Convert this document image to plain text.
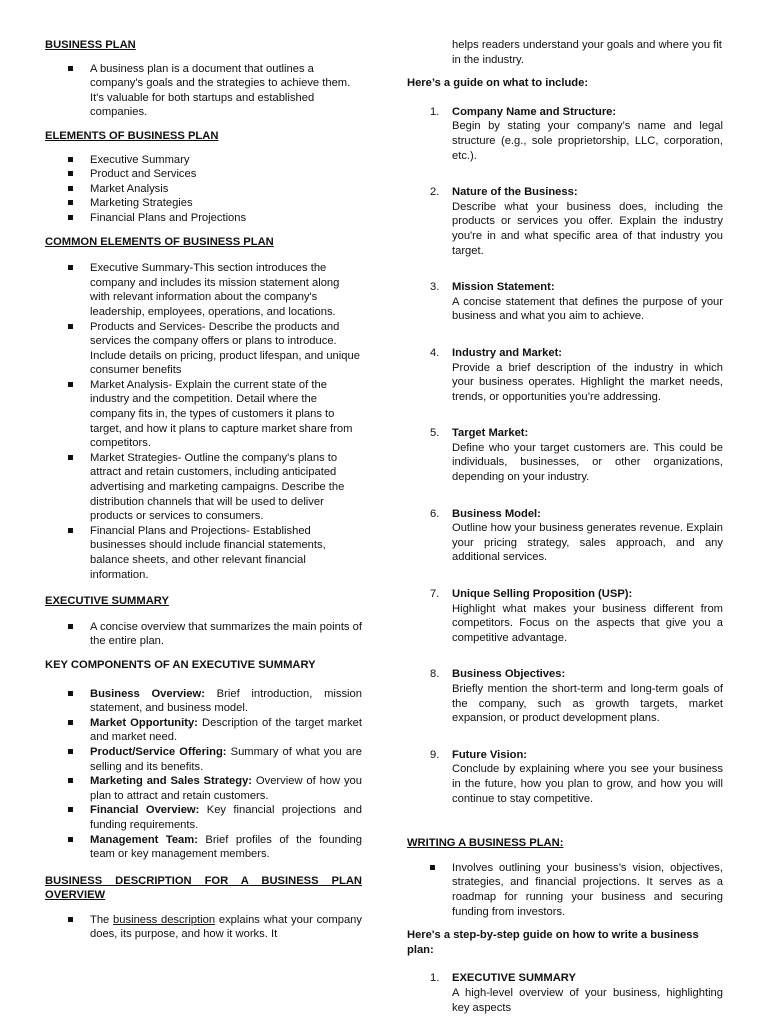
BUSINESS PLAN
A business plan is a document that outlines a company's goals and the strategies to achieve them. It's valuable for both startups and established companies.
ELEMENTS OF BUSINESS PLAN
Executive Summary
Product and Services
Market Analysis
Marketing Strategies
Financial Plans and Projections
COMMON ELEMENTS OF BUSINESS PLAN
Executive Summary-This section introduces the company and includes its mission statement along with relevant information about the company's leadership, employees, operations, and locations.
Products and Services- Describe the products and services the company offers or plans to introduce. Include details on pricing, product lifespan, and unique consumer benefits
Market Analysis- Explain the current state of the industry and the competition. Detail where the company fits in, the types of customers it plans to target, and how it plans to capture market share from competitors.
Market Strategies- Outline the company's plans to attract and retain customers, including anticipated advertising and marketing campaigns. Describe the distribution channels that will be used to deliver products or services to consumers.
Financial Plans and Projections- Established businesses should include financial statements, balance sheets, and other relevant financial information.
EXECUTIVE SUMMARY
A concise overview that summarizes the main points of the entire plan.
KEY COMPONENTS OF AN EXECUTIVE SUMMARY
Business Overview: Brief introduction, mission statement, and business model.
Market Opportunity: Description of the target market and market need.
Product/Service Offering: Summary of what you are selling and its benefits.
Marketing and Sales Strategy: Overview of how you plan to attract and retain customers.
Financial Overview: Key financial projections and funding requirements.
Management Team: Brief profiles of the founding team or key management members.
BUSINESS DESCRIPTION FOR A BUSINESS PLAN OVERVIEW
The business description explains what your company does, its purpose, and how it works. It
helps readers understand your goals and where you fit in the industry.
Here’s a guide on what to include:
1. Company Name and Structure:
Begin by stating your company’s name and legal structure (e.g., sole proprietorship, LLC, corporation, etc.).
2. Nature of the Business:
Describe what your business does, including the products or services you offer. Explain the industry you're in and what specific area of that industry you target.
3. Mission Statement:
A concise statement that defines the purpose of your business and what you aim to achieve.
4. Industry and Market:
Provide a brief description of the industry in which your business operates. Highlight the market needs, trends, or opportunities you’re addressing.
5. Target Market:
Define who your target customers are. This could be individuals, businesses, or other organizations, depending on your industry.
6. Business Model:
Outline how your business generates revenue. Explain your pricing strategy, sales approach, and any additional services.
7. Unique Selling Proposition (USP):
Highlight what makes your business different from competitors. Focus on the aspects that give you a competitive advantage.
8. Business Objectives:
Briefly mention the short-term and long-term goals of the company, such as growth targets, market expansion, or product development plans.
9. Future Vision:
Conclude by explaining where you see your business in the future, how you plan to grow, and how you will continue to stay competitive.
WRITING A BUSINESS PLAN:
Involves outlining your business’s vision, objectives, strategies, and financial projections. It serves as a roadmap for running your business and securing funding from investors.
Here's a step-by-step guide on how to write a business plan:
1. EXECUTIVE SUMMARY
A high-level overview of your business, highlighting key aspects
